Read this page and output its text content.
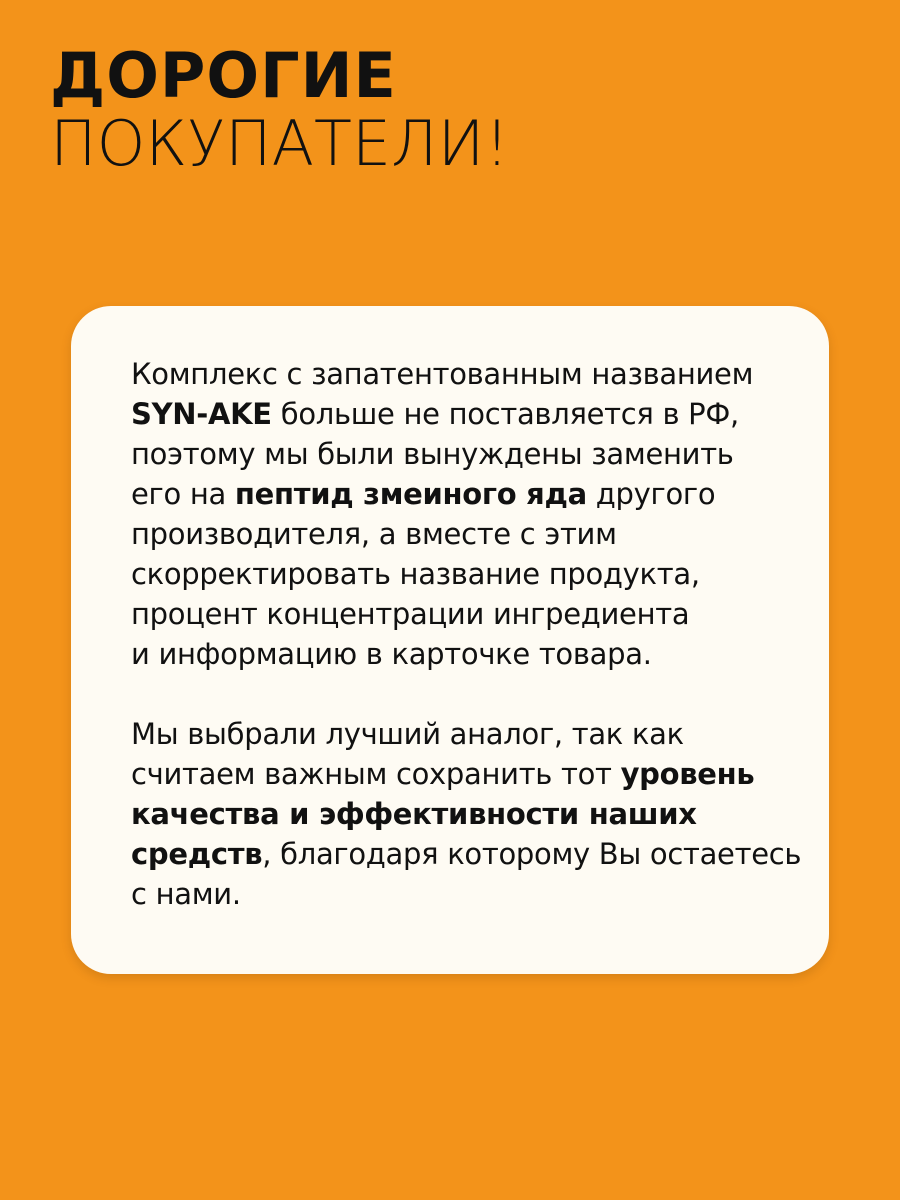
ДОРОГИЕ
ПОКУПАТЕЛИ!

Комплекс с запатентованным названием
SYN-AKE больше не поставляется в РФ,
поэтому мы были вынуждены заменить
его на пептид змеиного яда другого
производителя, а вместе с этим
скорректировать название продукта,
процент концентрации ингредиента
и информацию в карточке товара.

Мы выбрали лучший аналог, так как
считаем важным сохранить тот уровень
качества и эффективности наших
средств, благодаря которому Вы остаетесь
с нами.
